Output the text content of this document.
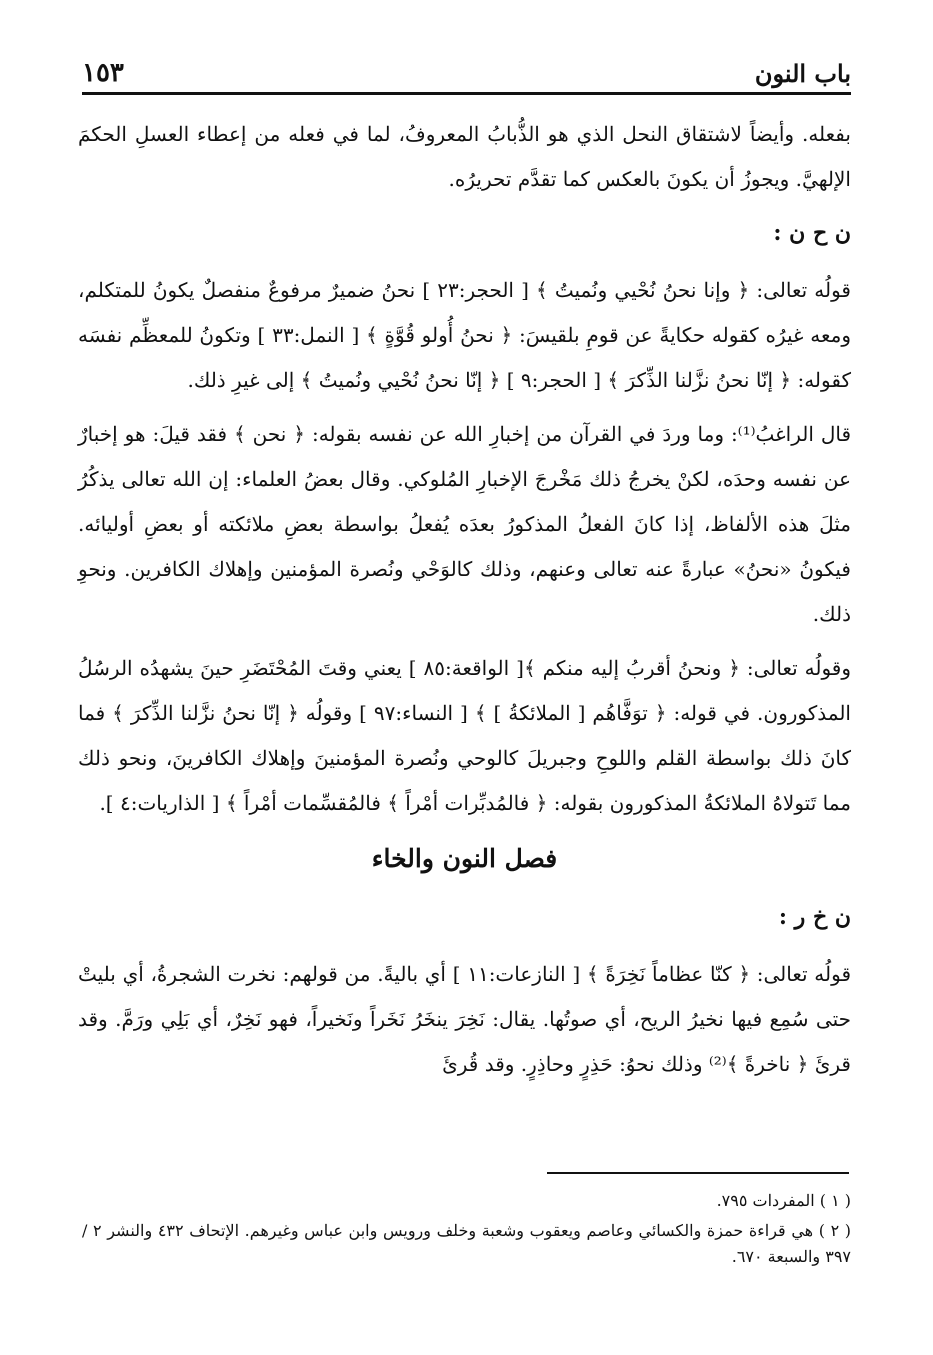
١٥٣	باب النون

بفعله. وأيضاً لاشتقاق النحل الذي هو الذُّبابُ المعروفُ، لما في فعله من إعطاء العسلِ الحكمَ الإلهيَّ. ويجوزُ أن يكونَ بالعكس كما تقدَّم تحريرُه.

ن ح ن :

قولُه تعالى: ﴿ وإنا نحنُ نُحْيي ونُميتُ ﴾ [ الحجر:٢٣ ] نحنُ ضميرٌ مرفوعٌ منفصلٌ يكونُ للمتكلم، ومعه غيرُه كقوله حكايةً عن قومِ بلقيسَ: ﴿ نحنُ أُولو قُوَّةٍ ﴾ [ النمل:٣٣ ] وتكونُ للمعظِّم نفسَه كقوله: ﴿ إنّا نحنُ نزَّلنا الذِّكرَ ﴾ [ الحجر:٩ ] ﴿ إنّا نحنُ نُحْيي ونُميتُ ﴾ إلى غيرِ ذلك.

قال الراغبُ⁽¹⁾: وما وردَ في القرآن من إخبارِ الله عن نفسه بقوله: ﴿ نحن ﴾ فقد قيلَ: هو إخبارٌ عن نفسه وحدَه، لكنْ يخرجُ ذلك مَخْرجَ الإخبارِ المُلوكي. وقال بعضُ العلماء: إن الله تعالى يذكُرُ مثلَ هذه الألفاظ، إذا كانَ الفعلُ المذكورُ بعدَه يُفعلُ بواسطة بعضِ ملائكته أو بعضِ أوليائه. فيكونُ «نحنُ» عبارةً عنه تعالى وعنهم، وذلك كالوَحْي ونُصرة المؤمنين وإهلاك الكافرين. ونحوِ ذلك.

وقولُه تعالى: ﴿ ونحنُ أقربُ إليه منكم ﴾[ الواقعة:٨٥ ] يعني وقتَ المُحْتَضَرِ حينَ يشهدُه الرسُلُ المذكورون. في قوله: ﴿ توَفَّاهُم [ الملائكةُ ] ﴾ [ النساء:٩٧ ] وقولُه ﴿ إنّا نحنُ نزَّلنا الذِّكرَ ﴾ فما كانَ ذلك بواسطة القلم واللوحِ وجبريلَ كالوحي ونُصرة المؤمنينَ وإهلاك الكافرينَ، ونحو ذلك مما تَتولاهُ الملائكةُ المذكورون بقوله: ﴿ فالمُدبِّرات أمْراً ﴾ فالمُقسِّمات أمْراً ﴾ [ الذاريات:٤ ].

فصل النون والخاء
ن خ ر :

قولُه تعالى: ﴿ كنّا عظاماً نَخِرَةً ﴾ [ النازعات:١١ ] أي باليةً. من قولهم: نخرت الشجرةُ، أي بليتْ حتى سُمِع فيها نخيرُ الريح، أي صوتُها. يقال: نَخِرَ ينخَرُ نَخَراً ونَخيراً، فهو نَخِرٌ، أي بَلِي ورَمَّ. وقد قرئَ ﴿ ناخرةً ﴾⁽²⁾ وذلك نحوُ: حَذِرٍ وحاذِرٍ. وقد قُرئَ

( ١ ) المفردات ٧٩٥.

( ٢ ) هي قراءة حمزة والكسائي وعاصم ويعقوب وشعبة وخلف ورويس وابن عباس وغيرهم. الإتحاف ٤٣٢ والنشر ٢ /٣٩٧ والسبعة ٦٧٠.
